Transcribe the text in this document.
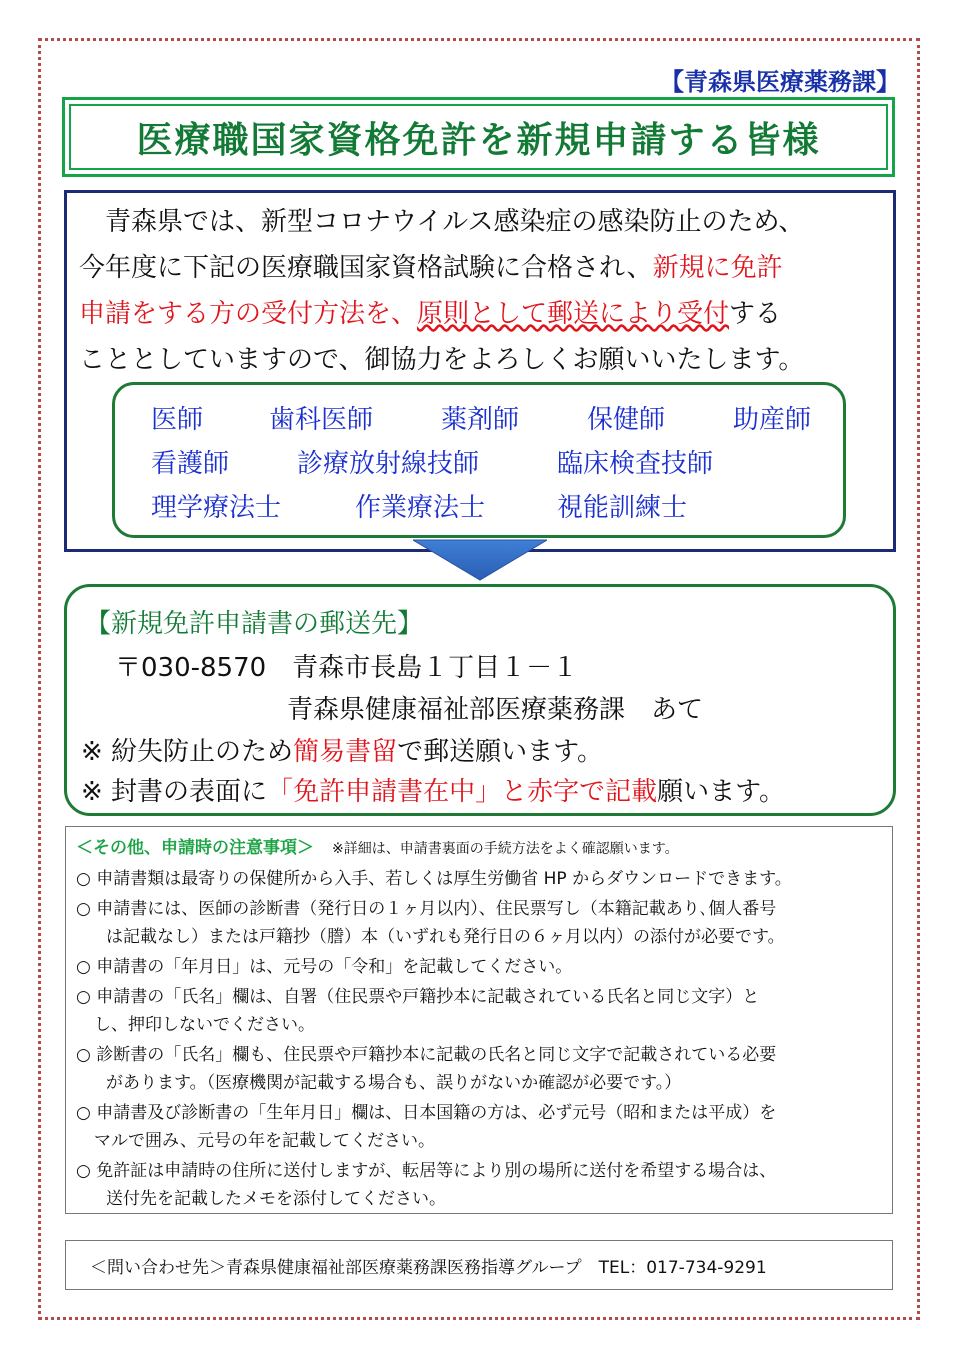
【青森県医療薬務課】
医療職国家資格免許を新規申請する皆様

　青森県では、新型コロナウイルス感染症の感染防止のため、

今年度に下記の医療職国家資格試験に合格され、新規に免許

申請をする方の受付方法を、原則として郵送により受付する

こととしていますので、御協力をよろしくお願いいたします。

医師	歯科医師	薬剤師	保健師	助産師
看護師	診療放射線技師	臨床検査技師
理学療法士	作業療法士	視能訓練士
【新規免許申請書の郵送先】
〒030-8570　青森市長島１丁目１－１
青森県健康福祉部医療薬務課　あて
※ 紛失防止のため簡易書留で郵送願います。
※ 封書の表面に「免許申請書在中」と赤字で記載願います。
＜その他、申請時の注意事項＞ ※詳細は、申請書裏面の手続方法をよく確認願います。
○ 申請書類は最寄りの保健所から入手、若しくは厚生労働省 HP からダウンロードできます。
○ 申請書には、医師の診断書（発行日の１ヶ月以内）、住民票写し（本籍記載あり､個人番号
は記載なし）または戸籍抄（謄）本（いずれも発行日の６ヶ月以内）の添付が必要です。
○ 申請書の「年月日」は、元号の「令和」を記載してください。
○ 申請書の「氏名」欄は、自署（住民票や戸籍抄本に記載されている氏名と同じ文字）と
し、押印しないでください。
○ 診断書の「氏名」欄も、住民票や戸籍抄本に記載の氏名と同じ文字で記載されている必要
があります。（医療機関が記載する場合も、誤りがないか確認が必要です。）
○ 申請書及び診断書の「生年月日」欄は、日本国籍の方は、必ず元号（昭和または平成）を
マルで囲み、元号の年を記載してください。
○ 免許証は申請時の住所に送付しますが、転居等により別の場所に送付を希望する場合は、
送付先を記載したメモを添付してください。
＜問い合わせ先＞青森県健康福祉部医療薬務課医務指導グループ　TEL：017-734-9291
